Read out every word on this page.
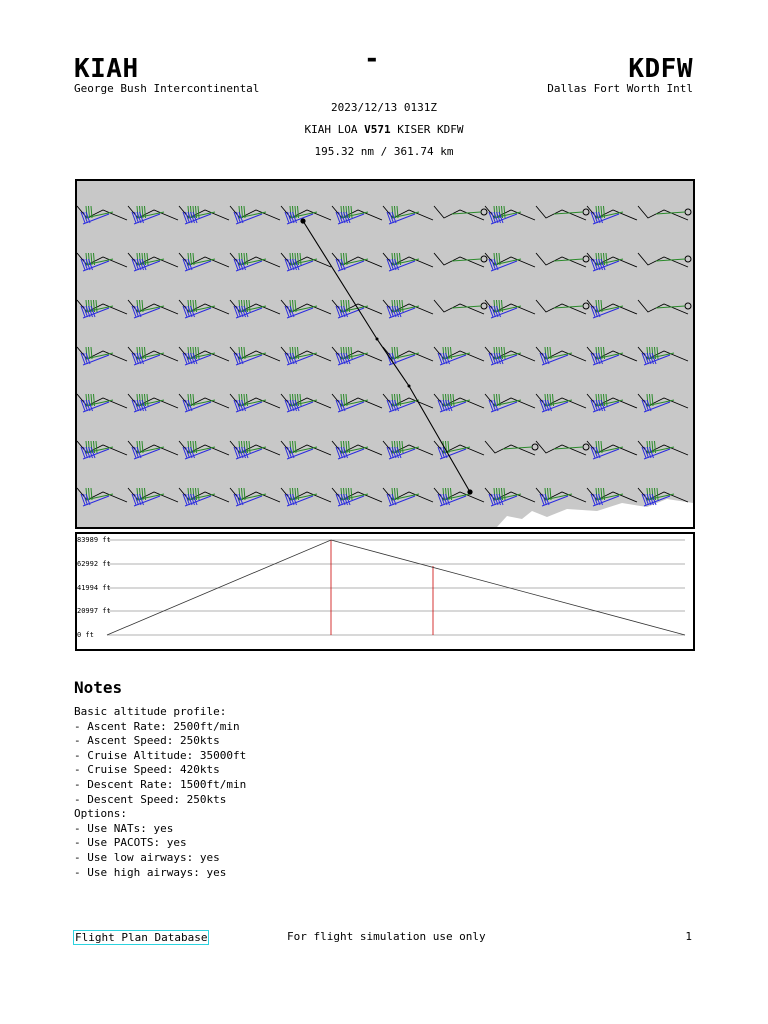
KIAH	-	KDFW
George Bush Intercontinental	Dallas Fort Worth Intl
2023/12/13 0131Z
KIAH LOA V571 KISER KDFW
195.32 nm / 361.74 km
83989 ft
62992 ft
41994 ft
20997 ft
0 ft
Notes
Basic altitude profile:
- Ascent Rate: 2500ft/min
- Ascent Speed: 250kts
- Cruise Altitude: 35000ft
- Cruise Speed: 420kts
- Descent Rate: 1500ft/min
- Descent Speed: 250kts
Options:
- Use NATs: yes
- Use PACOTS: yes
- Use low airways: yes
- Use high airways: yes
Flight Plan Database	For flight simulation use only	1
